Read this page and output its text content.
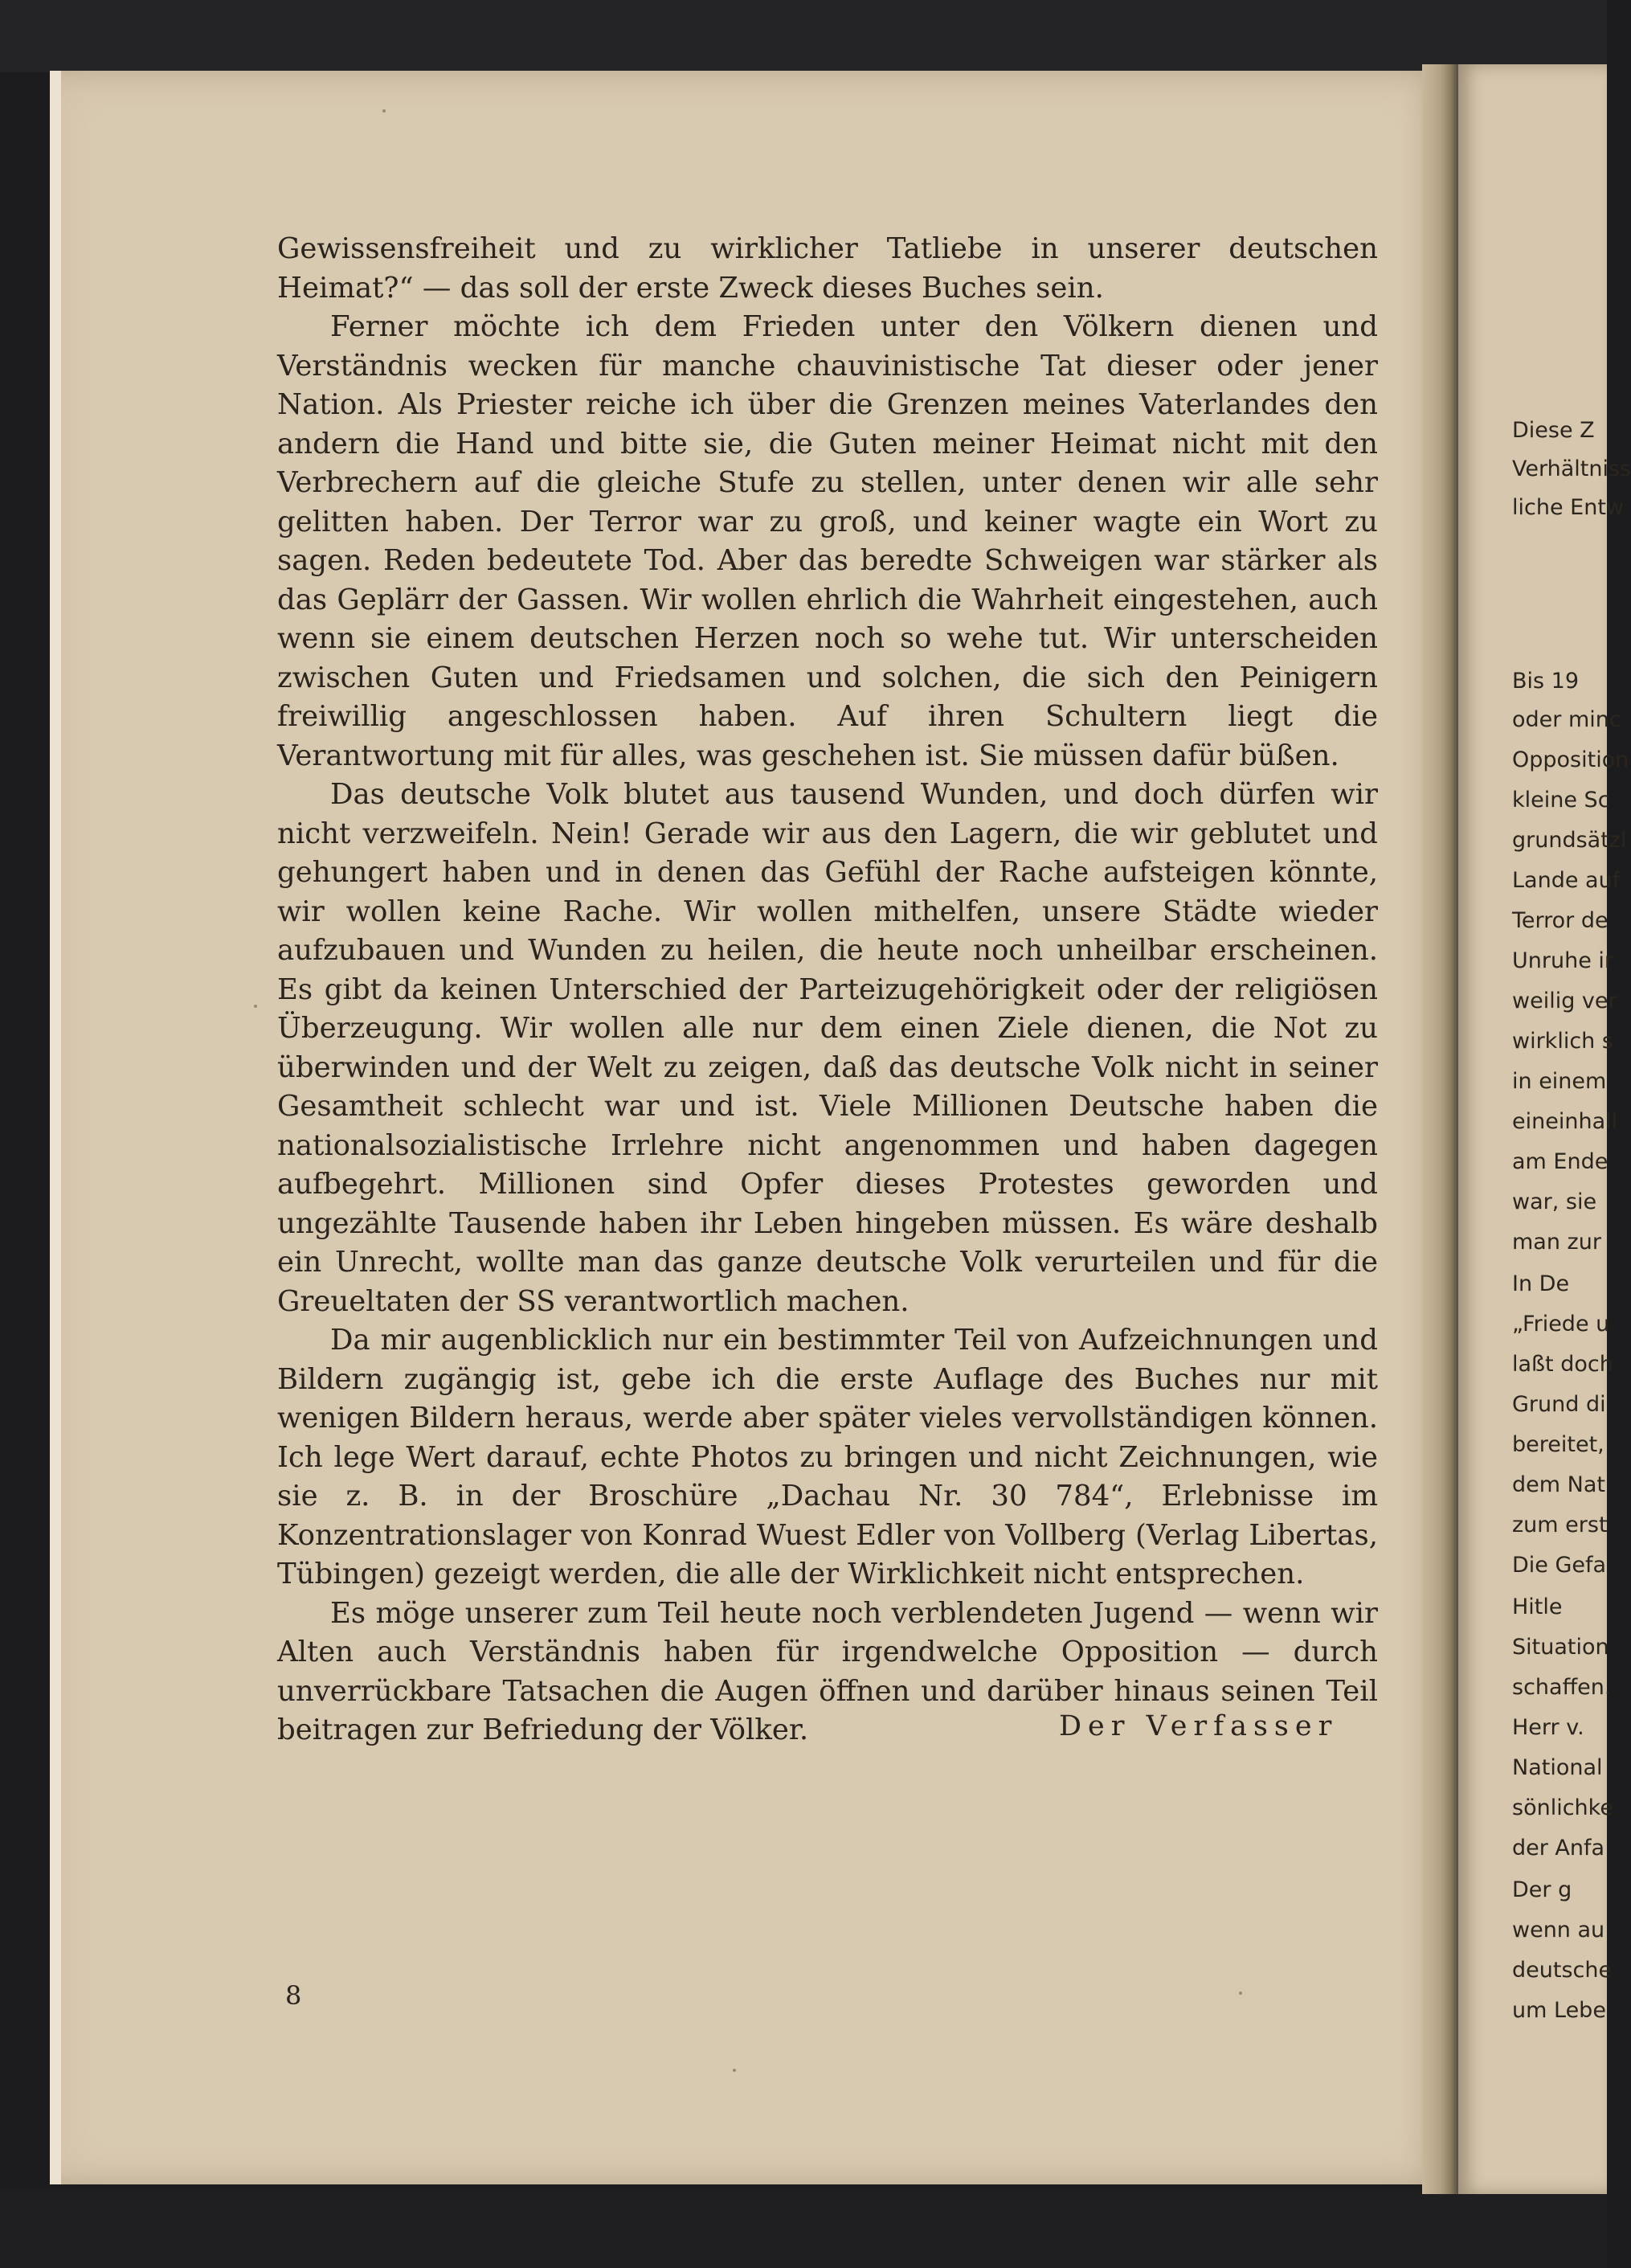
Gewissensfreiheit und zu wirklicher Tatliebe in unserer deutschen Heimat?“ — das soll der erste Zweck dieses Buches sein.

Ferner möchte ich dem Frieden unter den Völkern dienen und Verständnis wecken für manche chauvinistische Tat dieser oder jener Nation. Als Priester reiche ich über die Grenzen meines Vaterlandes den andern die Hand und bitte sie, die Guten meiner Heimat nicht mit den Verbrechern auf die gleiche Stufe zu stellen, unter denen wir alle sehr gelitten haben. Der Terror war zu groß, und keiner wagte ein Wort zu sagen. Reden bedeutete Tod. Aber das beredte Schweigen war stärker als das Geplärr der Gassen. Wir wollen ehrlich die Wahrheit eingestehen, auch wenn sie einem deutschen Herzen noch so wehe tut. Wir unterscheiden zwischen Guten und Friedsamen und solchen, die sich den Peinigern freiwillig angeschlossen haben. Auf ihren Schultern liegt die Verantwortung mit für alles, was geschehen ist. Sie müssen dafür büßen.

Das deutsche Volk blutet aus tausend Wunden, und doch dürfen wir nicht verzweifeln. Nein! Gerade wir aus den Lagern, die wir geblutet und gehungert haben und in denen das Gefühl der Rache aufsteigen könnte, wir wollen keine Rache. Wir wollen mithelfen, unsere Städte wieder aufzubauen und Wunden zu heilen, die heute noch unheilbar erscheinen. Es gibt da keinen Unterschied der Parteizugehörigkeit oder der religiösen Überzeugung. Wir wollen alle nur dem einen Ziele dienen, die Not zu überwinden und der Welt zu zeigen, daß das deutsche Volk nicht in seiner Gesamtheit schlecht war und ist. Viele Millionen Deutsche haben die nationalsozialistische Irrlehre nicht angenommen und haben dagegen aufbegehrt. Millionen sind Opfer dieses Protestes geworden und ungezählte Tausende haben ihr Leben hingeben müssen. Es wäre deshalb ein Unrecht, wollte man das ganze deutsche Volk verurteilen und für die Greueltaten der SS verantwortlich machen.

Da mir augenblicklich nur ein bestimmter Teil von Aufzeichnungen und Bildern zugängig ist, gebe ich die erste Auflage des Buches nur mit wenigen Bildern heraus, werde aber später vieles vervollständigen können. Ich lege Wert darauf, echte Photos zu bringen und nicht Zeichnungen, wie sie z. B. in der Broschüre „Dachau Nr. 30 784“, Erlebnisse im Konzentrationslager von Konrad Wuest Edler von Vollberg (Verlag Libertas, Tübingen) gezeigt werden, die alle der Wirklichkeit nicht entsprechen.

Es möge unserer zum Teil heute noch verblendeten Jugend — wenn wir Alten auch Verständnis haben für irgendwelche Opposition — durch unverrückbare Tatsachen die Augen öffnen und darüber hinaus seinen Teil beitragen zur Befriedung der Völker.	Der Verfasser
8
Diese Z
Verhältniss
liche Entw
Bis 19
oder minc
Opposition
kleine Sc
grundsätzl
Lande auf
Terror de
Unruhe ir
weilig ver
wirklich s
in einem
eineinhall
am Ende
war, sie
man zur
In De
„Friede u
laßt doch
Grund di
bereitet,
dem Nat
zum erst
Die Gefa
Hitle
Situation
schaffen.
Herr v.
National
sönlichke
der Anfa
Der g
wenn au
deutsche
um Lebe
